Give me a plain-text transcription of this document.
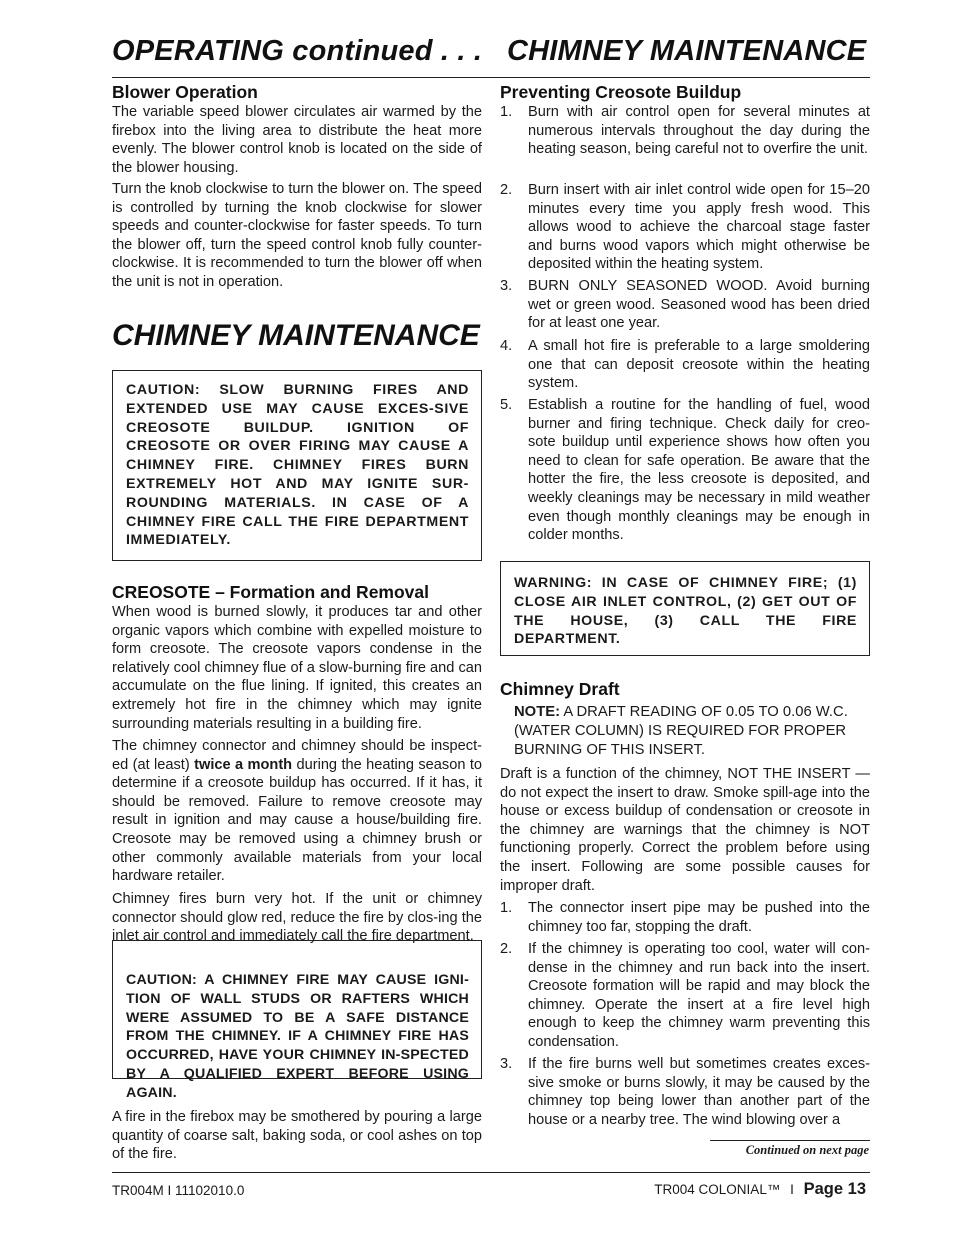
OPERATING continued . . . CHIMNEY MAINTENANCE
Blower Operation
The variable speed blower circulates air warmed by the firebox into the living area to distribute the heat more evenly. The blower control knob is located on the side of the blower housing.
Turn the knob clockwise to turn the blower on. The speed is controlled by turning the knob clockwise for slower speeds and counter-clockwise for faster speeds. To turn the blower off, turn the speed control knob fully counter-clockwise. It is recommended to turn the blower off when the unit is not in operation.
CHIMNEY MAINTENANCE
CAUTION: SLOW BURNING FIRES AND EXTENDED USE MAY CAUSE EXCES-SIVE CREOSOTE BUILDUP. IGNITION OF CREOSOTE OR OVER FIRING MAY CAUSE A CHIMNEY FIRE. CHIMNEY FIRES BURN EXTREMELY HOT AND MAY IGNITE SUR-ROUNDING MATERIALS. IN CASE OF A CHIMNEY FIRE CALL THE FIRE DEPARTMENT IMMEDIATELY.
CREOSOTE – Formation and Removal
When wood is burned slowly, it produces tar and other organic vapors which combine with expelled moisture to form creosote. The creosote vapors condense in the relatively cool chimney flue of a slow-burning fire and can accumulate on the flue lining. If ignited, this creates an extremely hot fire in the chimney which may ignite surrounding materials resulting in a building fire.
The chimney connector and chimney should be inspect-ed (at least) twice a month during the heating season to determine if a creosote buildup has occurred. If it has, it should be removed. Failure to remove creosote may result in ignition and may cause a house/building fire. Creosote may be removed using a chimney brush or other commonly available materials from your local hardware retailer.
Chimney fires burn very hot. If the unit or chimney connector should glow red, reduce the fire by clos-ing the inlet air control and immediately call the fire department.
CAUTION: A CHIMNEY FIRE MAY CAUSE IGNI-TION OF WALL STUDS OR RAFTERS WHICH WERE ASSUMED TO BE A SAFE DISTANCE FROM THE CHIMNEY. IF A CHIMNEY FIRE HAS OCCURRED, HAVE YOUR CHIMNEY IN-SPECTED BY A QUALIFIED EXPERT BEFORE USING AGAIN.
A fire in the firebox may be smothered by pouring a large quantity of coarse salt, baking soda, or cool ashes on top of the fire.
Preventing Creosote Buildup
1. Burn with air control open for several minutes at numerous intervals throughout the day during the heating season, being careful not to overfire the unit.
2. Burn insert with air inlet control wide open for 15–20 minutes every time you apply fresh wood. This allows wood to achieve the charcoal stage faster and burns wood vapors which might otherwise be deposited within the heating system.
3. BURN ONLY SEASONED WOOD. Avoid burning wet or green wood. Seasoned wood has been dried for at least one year.
4. A small hot fire is preferable to a large smoldering one that can deposit creosote within the heating system.
5. Establish a routine for the handling of fuel, wood burner and firing technique. Check daily for creo-sote buildup until experience shows how often you need to clean for safe operation. Be aware that the hotter the fire, the less creosote is deposited, and weekly cleanings may be necessary in mild weather even though monthly cleanings may be enough in colder months.
WARNING: IN CASE OF CHIMNEY FIRE; (1) CLOSE AIR INLET CONTROL, (2) GET OUT OF THE HOUSE, (3) CALL THE FIRE DEPARTMENT.
Chimney Draft
NOTE: A DRAFT READING OF 0.05 TO 0.06 W.C. (WATER COLUMN) IS REQUIRED FOR PROPER BURNING OF THIS INSERT.
Draft is a function of the chimney, NOT THE INSERT — do not expect the insert to draw. Smoke spill-age into the house or excess buildup of condensation or creosote in the chimney are warnings that the chimney is NOT functioning properly. Correct the problem before using the insert. Following are some possible causes for improper draft.
1. The connector insert pipe may be pushed into the chimney too far, stopping the draft.
2. If the chimney is operating too cool, water will con-dense in the chimney and run back into the insert. Creosote formation will be rapid and may block the chimney. Operate the insert at a fire level high enough to keep the chimney warm preventing this condensation.
3. If the fire burns well but sometimes creates exces-sive smoke or burns slowly, it may be caused by the chimney top being lower than another part of the house or a nearby tree. The wind blowing over a
Continued on next page
TR004M I 11102010.0	TR004 COLONIAL™ I Page 13
